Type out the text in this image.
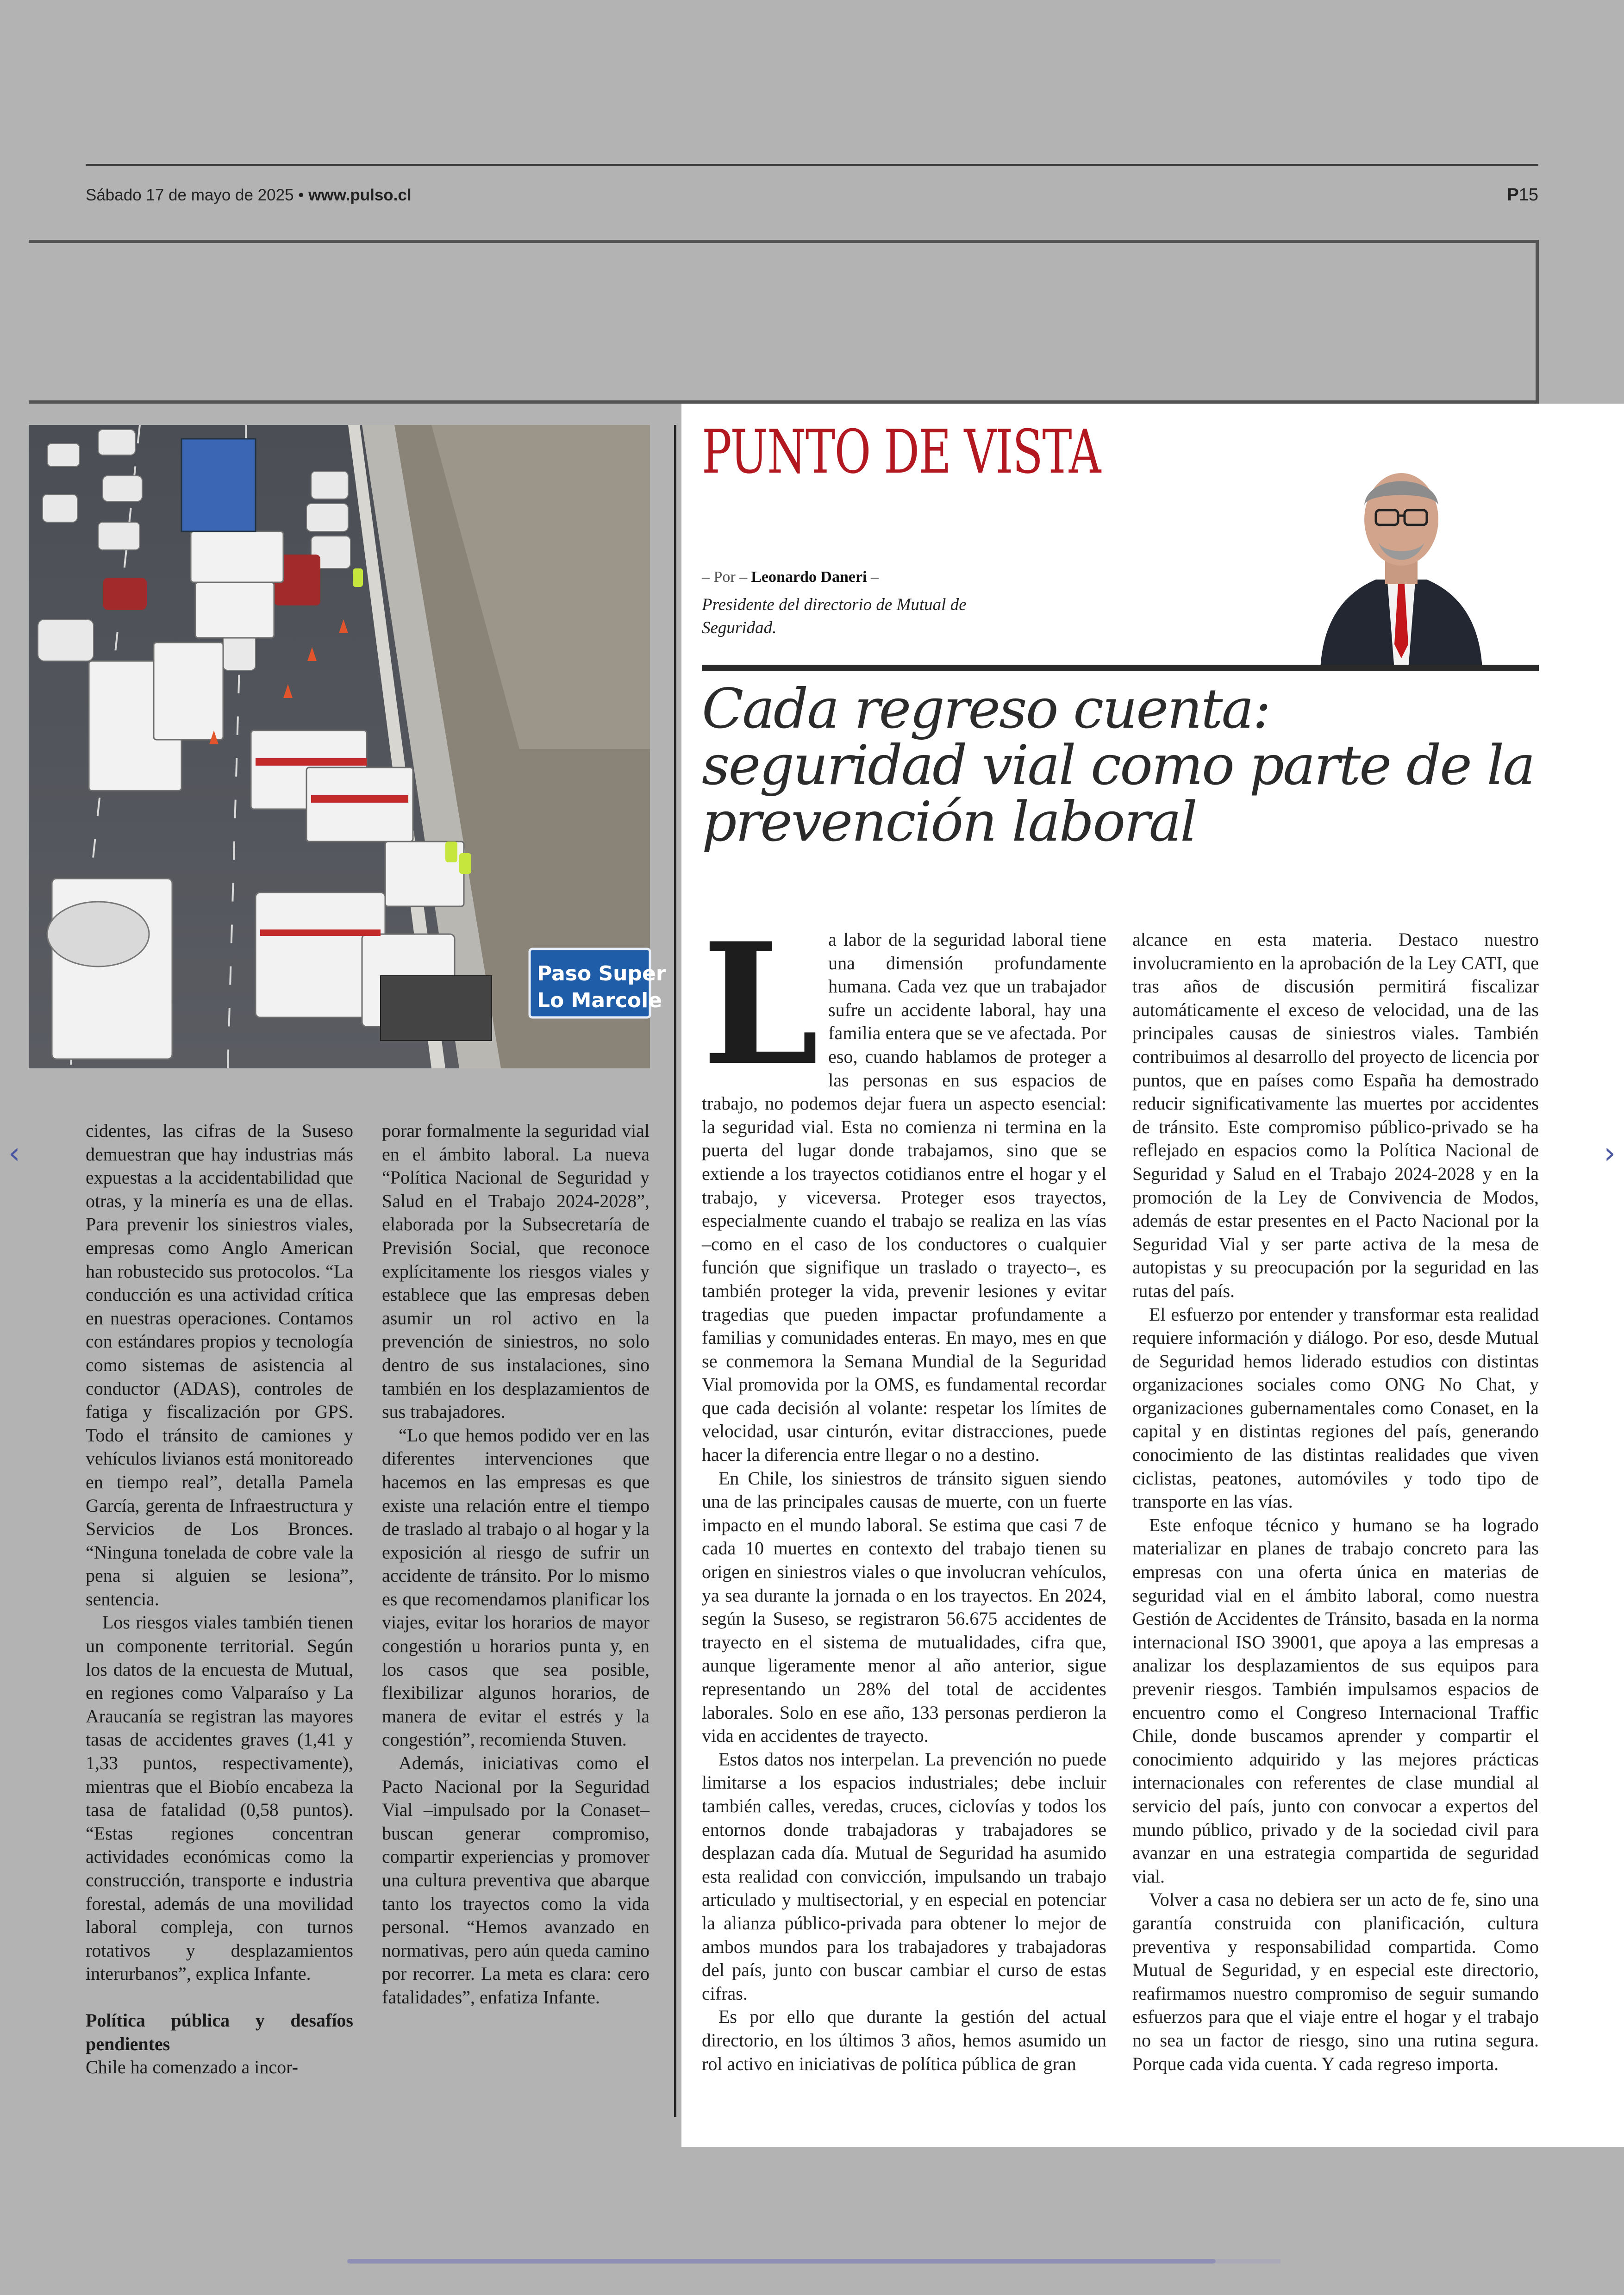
Sábado 17 de mayo de 2025 • www.pulso.cl	P15
Paso Super
Lo Marcole

cidentes, las cifras de la Suseso demuestran que hay industrias más expuestas a la accidentabilidad que otras, y la minería es una de ellas. Para prevenir los siniestros viales, empresas como Anglo American han robustecido sus protocolos. “La conducción es una actividad crítica en nuestras operaciones. Contamos con estándares propios y tecnología como sistemas de asistencia al conductor (ADAS), controles de fatiga y fiscalización por GPS. Todo el tránsito de camiones y vehículos livianos está monitoreado en tiempo real”, detalla Pamela García, gerenta de Infraestructura y Servicios de Los Bronces. “Ninguna tonelada de cobre vale la pena si alguien se lesiona”, sentencia.

Los riesgos viales también tienen un componente territorial. Según los datos de la encuesta de Mutual, en regiones como Valparaíso y La Araucanía se registran las mayores tasas de accidentes graves (1,41 y 1,33 puntos, respectivamente), mientras que el Biobío encabeza la tasa de fatalidad (0,58 puntos). “Estas regiones concentran actividades económicas como la construcción, transporte e industria forestal, además de una movilidad laboral compleja, con turnos rotativos y desplazamientos interurbanos”, explica Infante.

Política pública y desafíos pendientes

Chile ha comenzado a incor-

porar formalmente la seguridad vial en el ámbito laboral. La nueva “Política Nacional de Seguridad y Salud en el Trabajo 2024-2028”, elaborada por la Subsecretaría de Previsión Social, que reconoce explícitamente los riesgos viales y establece que las empresas deben asumir un rol activo en la prevención de siniestros, no solo dentro de sus instalaciones, sino también en los desplazamientos de sus trabajadores.

“Lo que hemos podido ver en las diferentes intervenciones que hacemos en las empresas es que existe una relación entre el tiempo de traslado al trabajo o al hogar y la exposición al riesgo de sufrir un accidente de tránsito. Por lo mismo es que recomendamos planificar los viajes, evitar los horarios de mayor congestión u horarios punta y, en los casos que sea posible, flexibilizar algunos horarios, de manera de evitar el estrés y la congestión”, recomienda Stuven.

Además, iniciativas como el Pacto Nacional por la Seguridad Vial –impulsado por la Conaset– buscan generar compromiso, compartir experiencias y promover una cultura preventiva que abarque tanto los trayectos como la vida personal. “Hemos avanzado en normativas, pero aún queda camino por recorrer. La meta es clara: cero fatalidades”, enfatiza Infante.

PUNTO DE VISTA
– Por – Leonardo Daneri –
Presidente del directorio de Mutual de Seguridad.
Cada regreso cuenta: seguridad vial como parte de la prevención laboral

La labor de la seguridad laboral tiene una dimensión profundamente humana. Cada vez que un trabajador sufre un accidente laboral, hay una familia entera que se ve afectada. Por eso, cuando hablamos de proteger a las personas en sus espacios de trabajo, no podemos dejar fuera un aspecto esencial: la seguridad vial. Esta no comienza ni termina en la puerta del lugar donde trabajamos, sino que se extiende a los trayectos cotidianos entre el hogar y el trabajo, y viceversa. Proteger esos trayectos, especialmente cuando el trabajo se realiza en las vías –como en el caso de los conductores o cualquier función que signifique un traslado o trayecto–, es también proteger la vida, prevenir lesiones y evitar tragedias que pueden impactar profundamente a familias y comunidades enteras. En mayo, mes en que se conmemora la Semana Mundial de la Seguridad Vial promovida por la OMS, es fundamental recordar que cada decisión al volante: respetar los límites de velocidad, usar cinturón, evitar distracciones, puede hacer la diferencia entre llegar o no a destino.

En Chile, los siniestros de tránsito siguen siendo una de las principales causas de muerte, con un fuerte impacto en el mundo laboral. Se estima que casi 7 de cada 10 muertes en contexto del trabajo tienen su origen en siniestros viales o que involucran vehículos, ya sea durante la jornada o en los trayectos. En 2024, según la Suseso, se registraron 56.675 accidentes de trayecto en el sistema de mutualidades, cifra que, aunque ligeramente menor al año anterior, sigue representando un 28% del total de accidentes laborales. Solo en ese año, 133 personas perdieron la vida en accidentes de trayecto.

Estos datos nos interpelan. La prevención no puede limitarse a los espacios industriales; debe incluir también calles, veredas, cruces, ciclovías y todos los entornos donde trabajadoras y trabajadores se desplazan cada día. Mutual de Seguridad ha asumido esta realidad con convicción, impulsando un trabajo articulado y multisectorial, y en especial en potenciar la alianza público-privada para obtener lo mejor de ambos mundos para los trabajadores y trabajadoras del país, junto con buscar cambiar el curso de estas cifras.

Es por ello que durante la gestión del actual directorio, en los últimos 3 años, hemos asumido un rol activo en iniciativas de política pública de gran

alcance en esta materia. Destaco nuestro involucramiento en la aprobación de la Ley CATI, que tras años de discusión permitirá fiscalizar automáticamente el exceso de velocidad, una de las principales causas de siniestros viales. También contribuimos al desarrollo del proyecto de licencia por puntos, que en países como España ha demostrado reducir significativamente las muertes por accidentes de tránsito. Este compromiso público-privado se ha reflejado en espacios como la Política Nacional de Seguridad y Salud en el Trabajo 2024-2028 y en la promoción de la Ley de Convivencia de Modos, además de estar presentes en el Pacto Nacional por la Seguridad Vial y ser parte activa de la mesa de autopistas y su preocupación por la seguridad en las rutas del país.

El esfuerzo por entender y transformar esta realidad requiere información y diálogo. Por eso, desde Mutual de Seguridad hemos liderado estudios con distintas organizaciones sociales como ONG No Chat, y organizaciones gubernamentales como Conaset, en la capital y en distintas regiones del país, generando conocimiento de las distintas realidades que viven ciclistas, peatones, automóviles y todo tipo de transporte en las vías.

Este enfoque técnico y humano se ha logrado materializar en planes de trabajo concreto para las empresas con una oferta única en materias de seguridad vial en el ámbito laboral, como nuestra Gestión de Accidentes de Tránsito, basada en la norma internacional ISO 39001, que apoya a las empresas a analizar los desplazamientos de sus equipos para prevenir riesgos. También impulsamos espacios de encuentro como el Congreso Internacional Traffic Chile, donde buscamos aprender y compartir el conocimiento adquirido y las mejores prácticas internacionales con referentes de clase mundial al servicio del país, junto con convocar a expertos del mundo público, privado y de la sociedad civil para avanzar en una estrategia compartida de seguridad vial.

Volver a casa no debiera ser un acto de fe, sino una garantía construida con planificación, cultura preventiva y responsabilidad compartida. Como Mutual de Seguridad, y en especial este directorio, reafirmamos nuestro compromiso de seguir sumando esfuerzos para que el viaje entre el hogar y el trabajo no sea un factor de riesgo, sino una rutina segura. Porque cada vida cuenta. Y cada regreso importa.

‹	›
